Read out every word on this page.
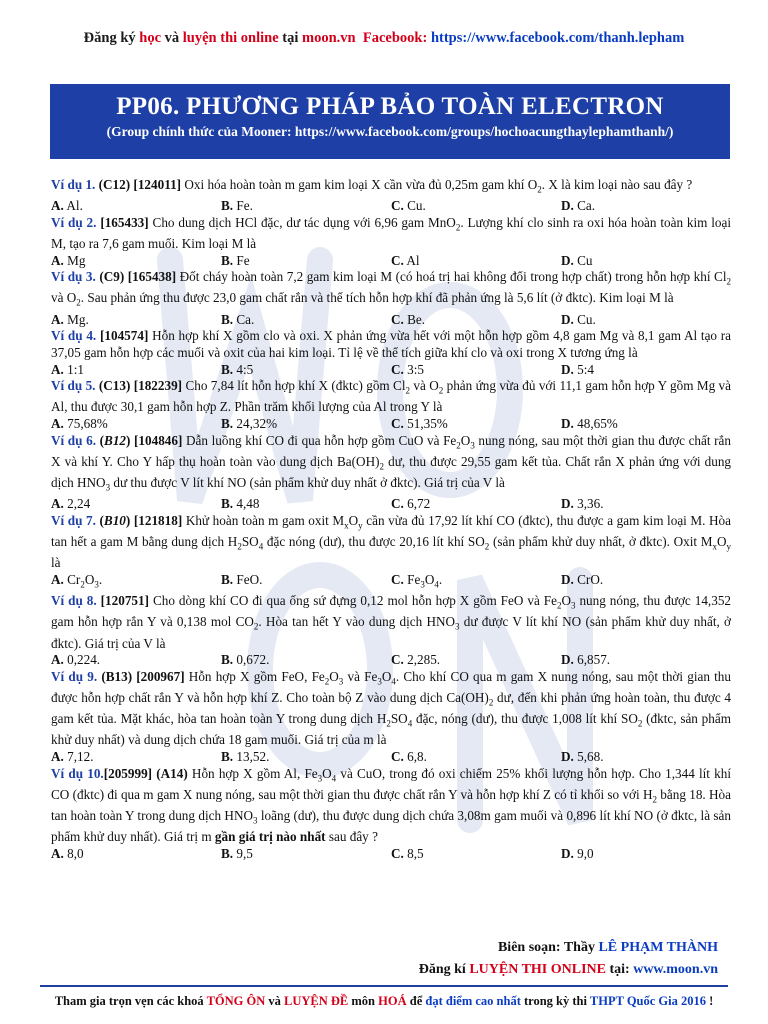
Đăng ký học và luyện thi online tại moon.vn Facebook: https://www.facebook.com/thanh.lepham
PP06. PHƯƠNG PHÁP BẢO TOÀN ELECTRON
(Group chính thức của Mooner: https://www.facebook.com/groups/hochoacungthaylephamthanh/)
Ví dụ 1. (C12) [124011] Oxi hóa hoàn toàn m gam kim loại X cần vừa đủ 0,25m gam khí $O_2$. X là kim loại nào sau đây ?
A. Al.	B. Fe.	C. Cu.	D. Ca.
Ví dụ 2. [165433] Cho dung dịch HCl đặc, dư tác dụng với 6,96 gam MnO$_2$. Lượng khí clo sinh ra oxi hóa hoàn toàn kim loại M, tạo ra 7,6 gam muối. Kim loại M là
A. Mg	B. Fe	C. Al	D. Cu
Ví dụ 3. (C9) [165438] Đốt cháy hoàn toàn 7,2 gam kim loại M (có hoá trị hai không đổi trong hợp chất) trong hỗn hợp khí $Cl_2$ và $O_2$. Sau phản ứng thu được 23,0 gam chất rắn và thể tích hỗn hợp khí đã phản ứng là 5,6 lít (ở đktc). Kim loại M là
A. Mg.	B. Ca.	C. Be.	D. Cu.
Ví dụ 4. [104574] Hỗn hợp khí X gồm clo và oxi. X phản ứng vừa hết với một hỗn hợp gồm 4,8 gam Mg và 8,1 gam Al tạo ra 37,05 gam hỗn hợp các muối và oxit của hai kim loại. Tỉ lệ về thể tích giữa khí clo và oxi trong X tương ứng là
A. 1:1	B. 4:5	C. 3:5	D. 5:4
Ví dụ 5. (C13) [182239] Cho 7,84 lít hỗn hợp khí X (đktc) gồm $Cl_2$ và $O_2$ phản ứng vừa đủ với 11,1 gam hỗn hợp Y gồm Mg và Al, thu được 30,1 gam hỗn hợp Z. Phần trăm khối lượng của Al trong Y là
A. 75,68%	B. 24,32%	C. 51,35%	D. 48,65%
Ví dụ 6. (B12) [104846] Dẫn luồng khí CO đi qua hỗn hợp gồm CuO và $Fe_2O_3$ nung nóng, sau một thời gian thu được chất rắn X và khí Y. Cho Y hấp thụ hoàn toàn vào dung dịch $Ba(OH)_2$ dư, thu được 29,55 gam kết tủa. Chất rắn X phản ứng với dung dịch $HNO_3$ dư thu được V lít khí NO (sản phẩm khử duy nhất ở đktc). Giá trị của V là
A. 2,24	B. 4,48	C. 6,72	D. 3,36.
Ví dụ 7. (B10) [121818] Khử hoàn toàn m gam oxit $M_xO_y$ cần vừa đủ 17,92 lít khí CO (đktc), thu được a gam kim loại M. Hòa tan hết a gam M bằng dung dịch $H_2SO_4$ đặc nóng (dư), thu được 20,16 lít khí $SO_2$ (sản phẩm khử duy nhất, ở đktc). Oxit $M_xO_y$ là
A. $Cr_2O_3$.	B. FeO.	C. $Fe_3O_4$.	D. CrO.
Ví dụ 8. [120751] Cho dòng khí CO đi qua ống sứ đựng 0,12 mol hỗn hợp X gồm FeO và $Fe_2O_3$ nung nóng, thu được 14,352 gam hỗn hợp rắn Y và 0,138 mol $CO_2$. Hòa tan hết Y vào dung dịch $HNO_3$ dư được V lít khí NO (sản phẩm khử duy nhất, ở đktc). Giá trị của V là
A. 0,224.	B. 0,672.	C. 2,285.	D. 6,857.
Ví dụ 9. (B13) [200967] Hỗn hợp X gồm FeO, $Fe_2O_3$ và $Fe_3O_4$. Cho khí CO qua m gam X nung nóng, sau một thời gian thu được hỗn hợp chất rắn Y và hỗn hợp khí Z. Cho toàn bộ Z vào dung dịch $Ca(OH)_2$ dư, đến khi phản ứng hoàn toàn, thu được 4 gam kết tủa. Mặt khác, hòa tan hoàn toàn Y trong dung dịch $H_2SO_4$ đặc, nóng (dư), thu được 1,008 lít khí $SO_2$ (đktc, sản phẩm khử duy nhất) và dung dịch chứa 18 gam muối. Giá trị của m là
A. 7,12.	B. 13,52.	C. 6,8.	D. 5,68.
Ví dụ 10.[205999] (A14) Hỗn hợp X gồm Al, $Fe_3O_4$ và CuO, trong đó oxi chiếm 25% khối lượng hỗn hợp. Cho 1,344 lít khí CO (đktc) đi qua m gam X nung nóng, sau một thời gian thu được chất rắn Y và hỗn hợp khí Z có tỉ khối so với $H_2$ bằng 18. Hòa tan hoàn toàn Y trong dung dịch $HNO_3$ loãng (dư), thu được dung dịch chứa 3,08m gam muối và 0,896 lít khí NO (ở đktc, là sản phẩm khử duy nhất). Giá trị m gần giá trị nào nhất sau đây ?
A. 8,0	B. 9,5	C. 8,5	D. 9,0
Biên soạn: Thầy LÊ PHẠM THÀNH
Đăng kí LUYỆN THI ONLINE tại: www.moon.vn
Tham gia trọn vẹn các khoá TỔNG ÔN và LUYỆN ĐỀ môn HOÁ để đạt điểm cao nhất trong kỳ thi THPT Quốc Gia 2016 !
